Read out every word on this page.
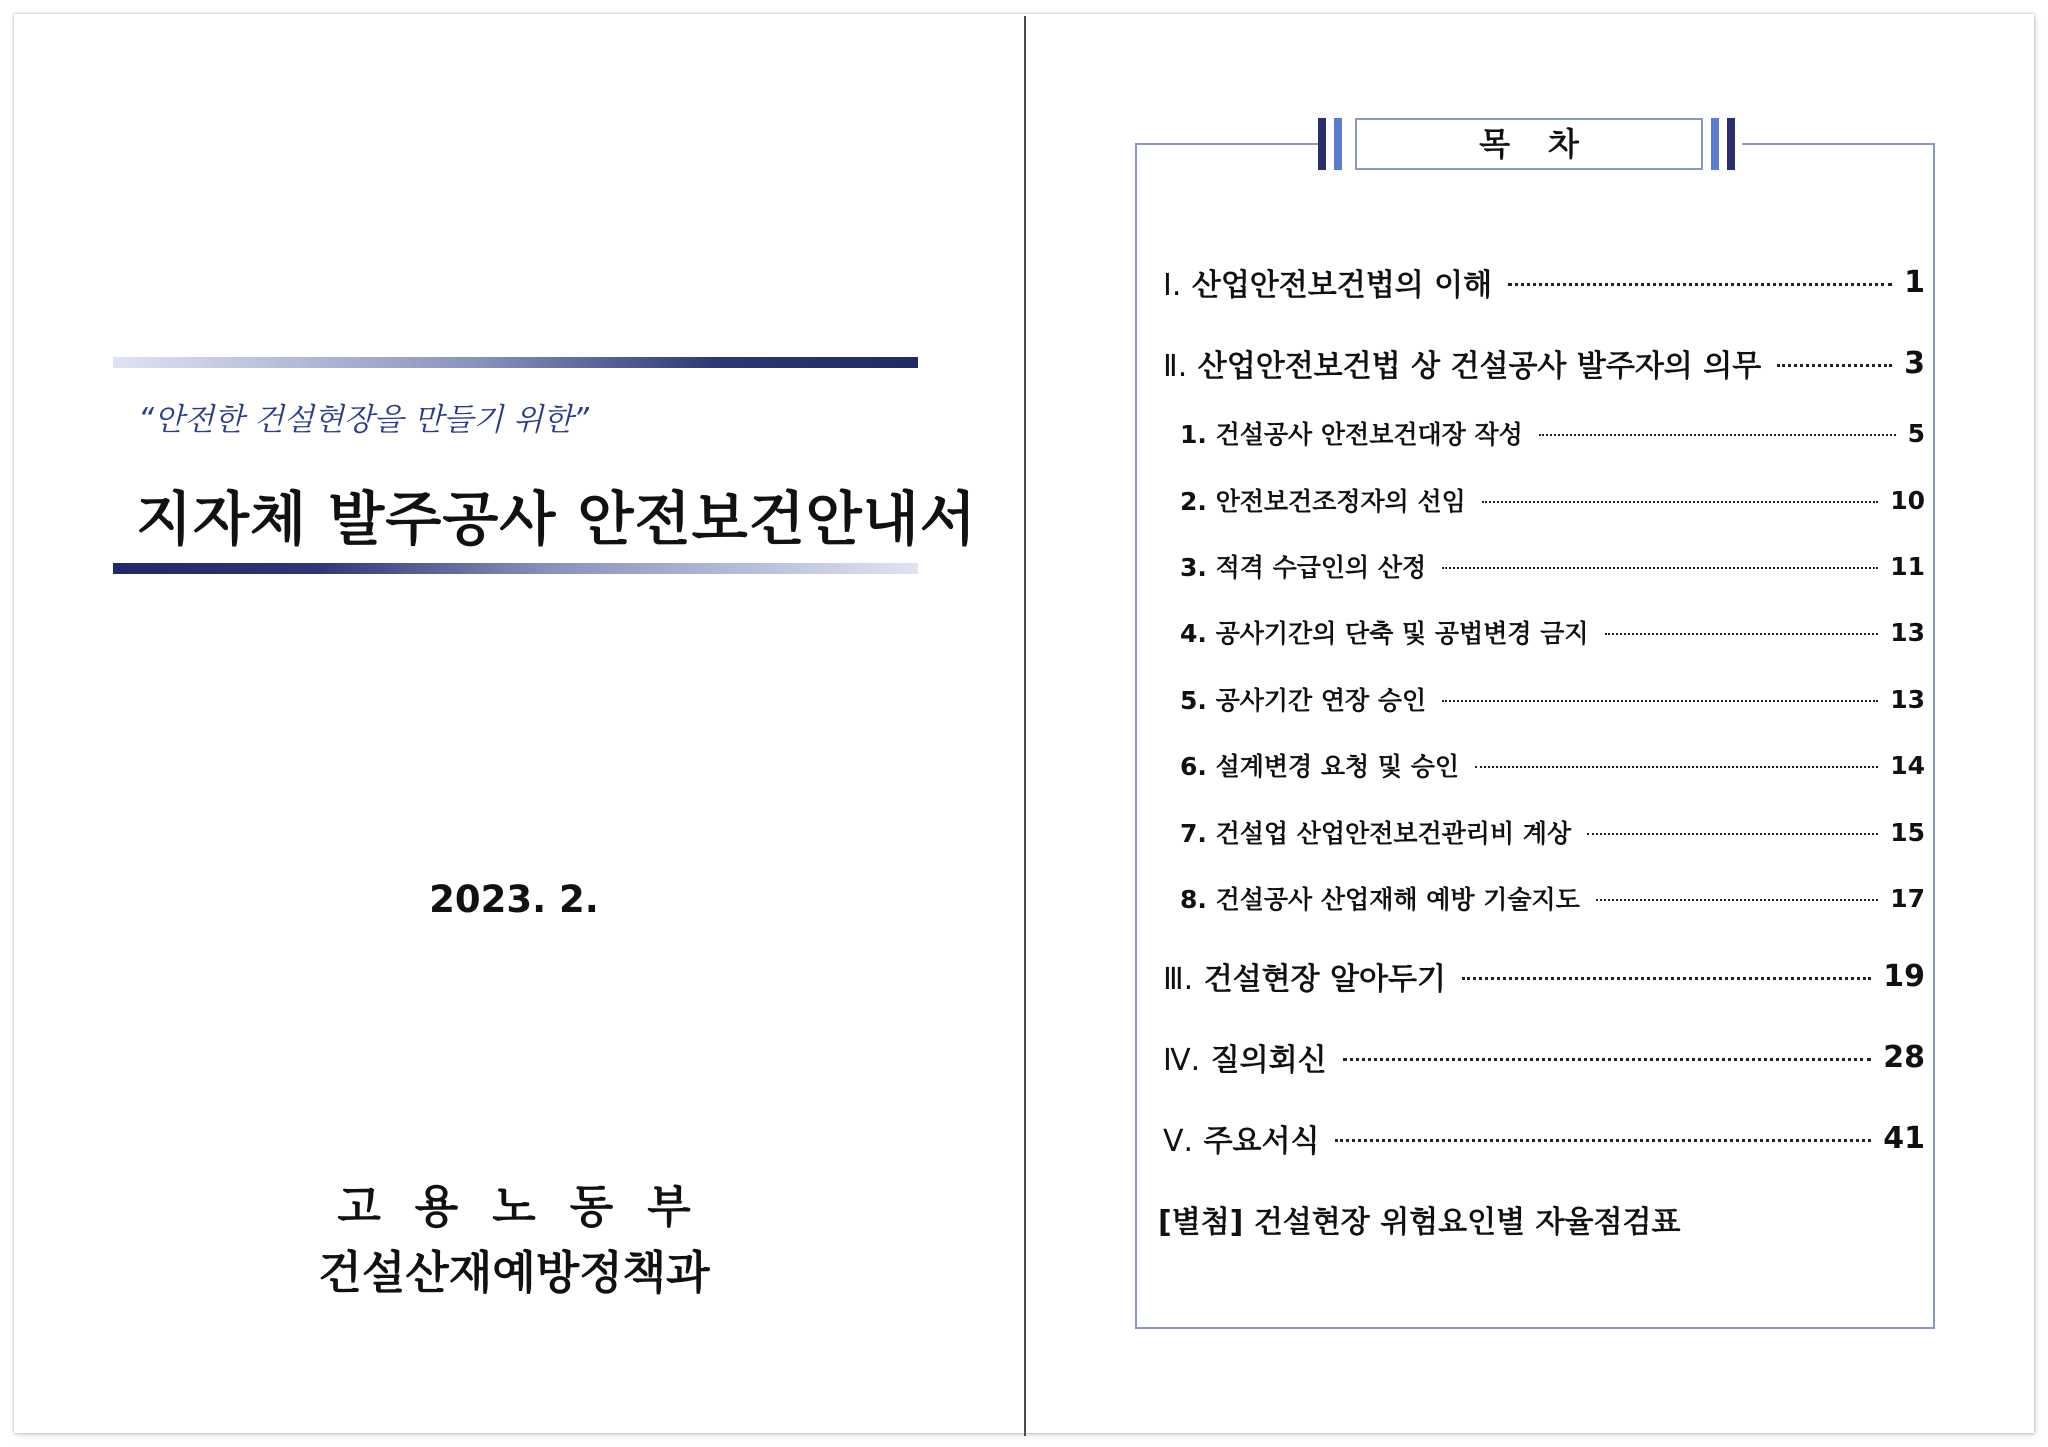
“안전한 건설현장을 만들기 위한”
지자체 발주공사 안전보건안내서
2023. 2.
고용노동부
건설산재예방정책과
목차
Ⅰ. 산업안전보건법의 이해	1
Ⅱ. 산업안전보건법 상 건설공사 발주자의 의무	3
1. 건설공사 안전보건대장 작성	5
2. 안전보건조정자의 선임	10
3. 적격 수급인의 산정	11
4. 공사기간의 단축 및 공법변경 금지	13
5. 공사기간 연장 승인	13
6. 설계변경 요청 및 승인	14
7. 건설업 산업안전보건관리비 계상	15
8. 건설공사 산업재해 예방 기술지도	17
Ⅲ. 건설현장 알아두기	19
Ⅳ. 질의회신	28
Ⅴ. 주요서식	41
[별첨] 건설현장 위험요인별 자율점검표
